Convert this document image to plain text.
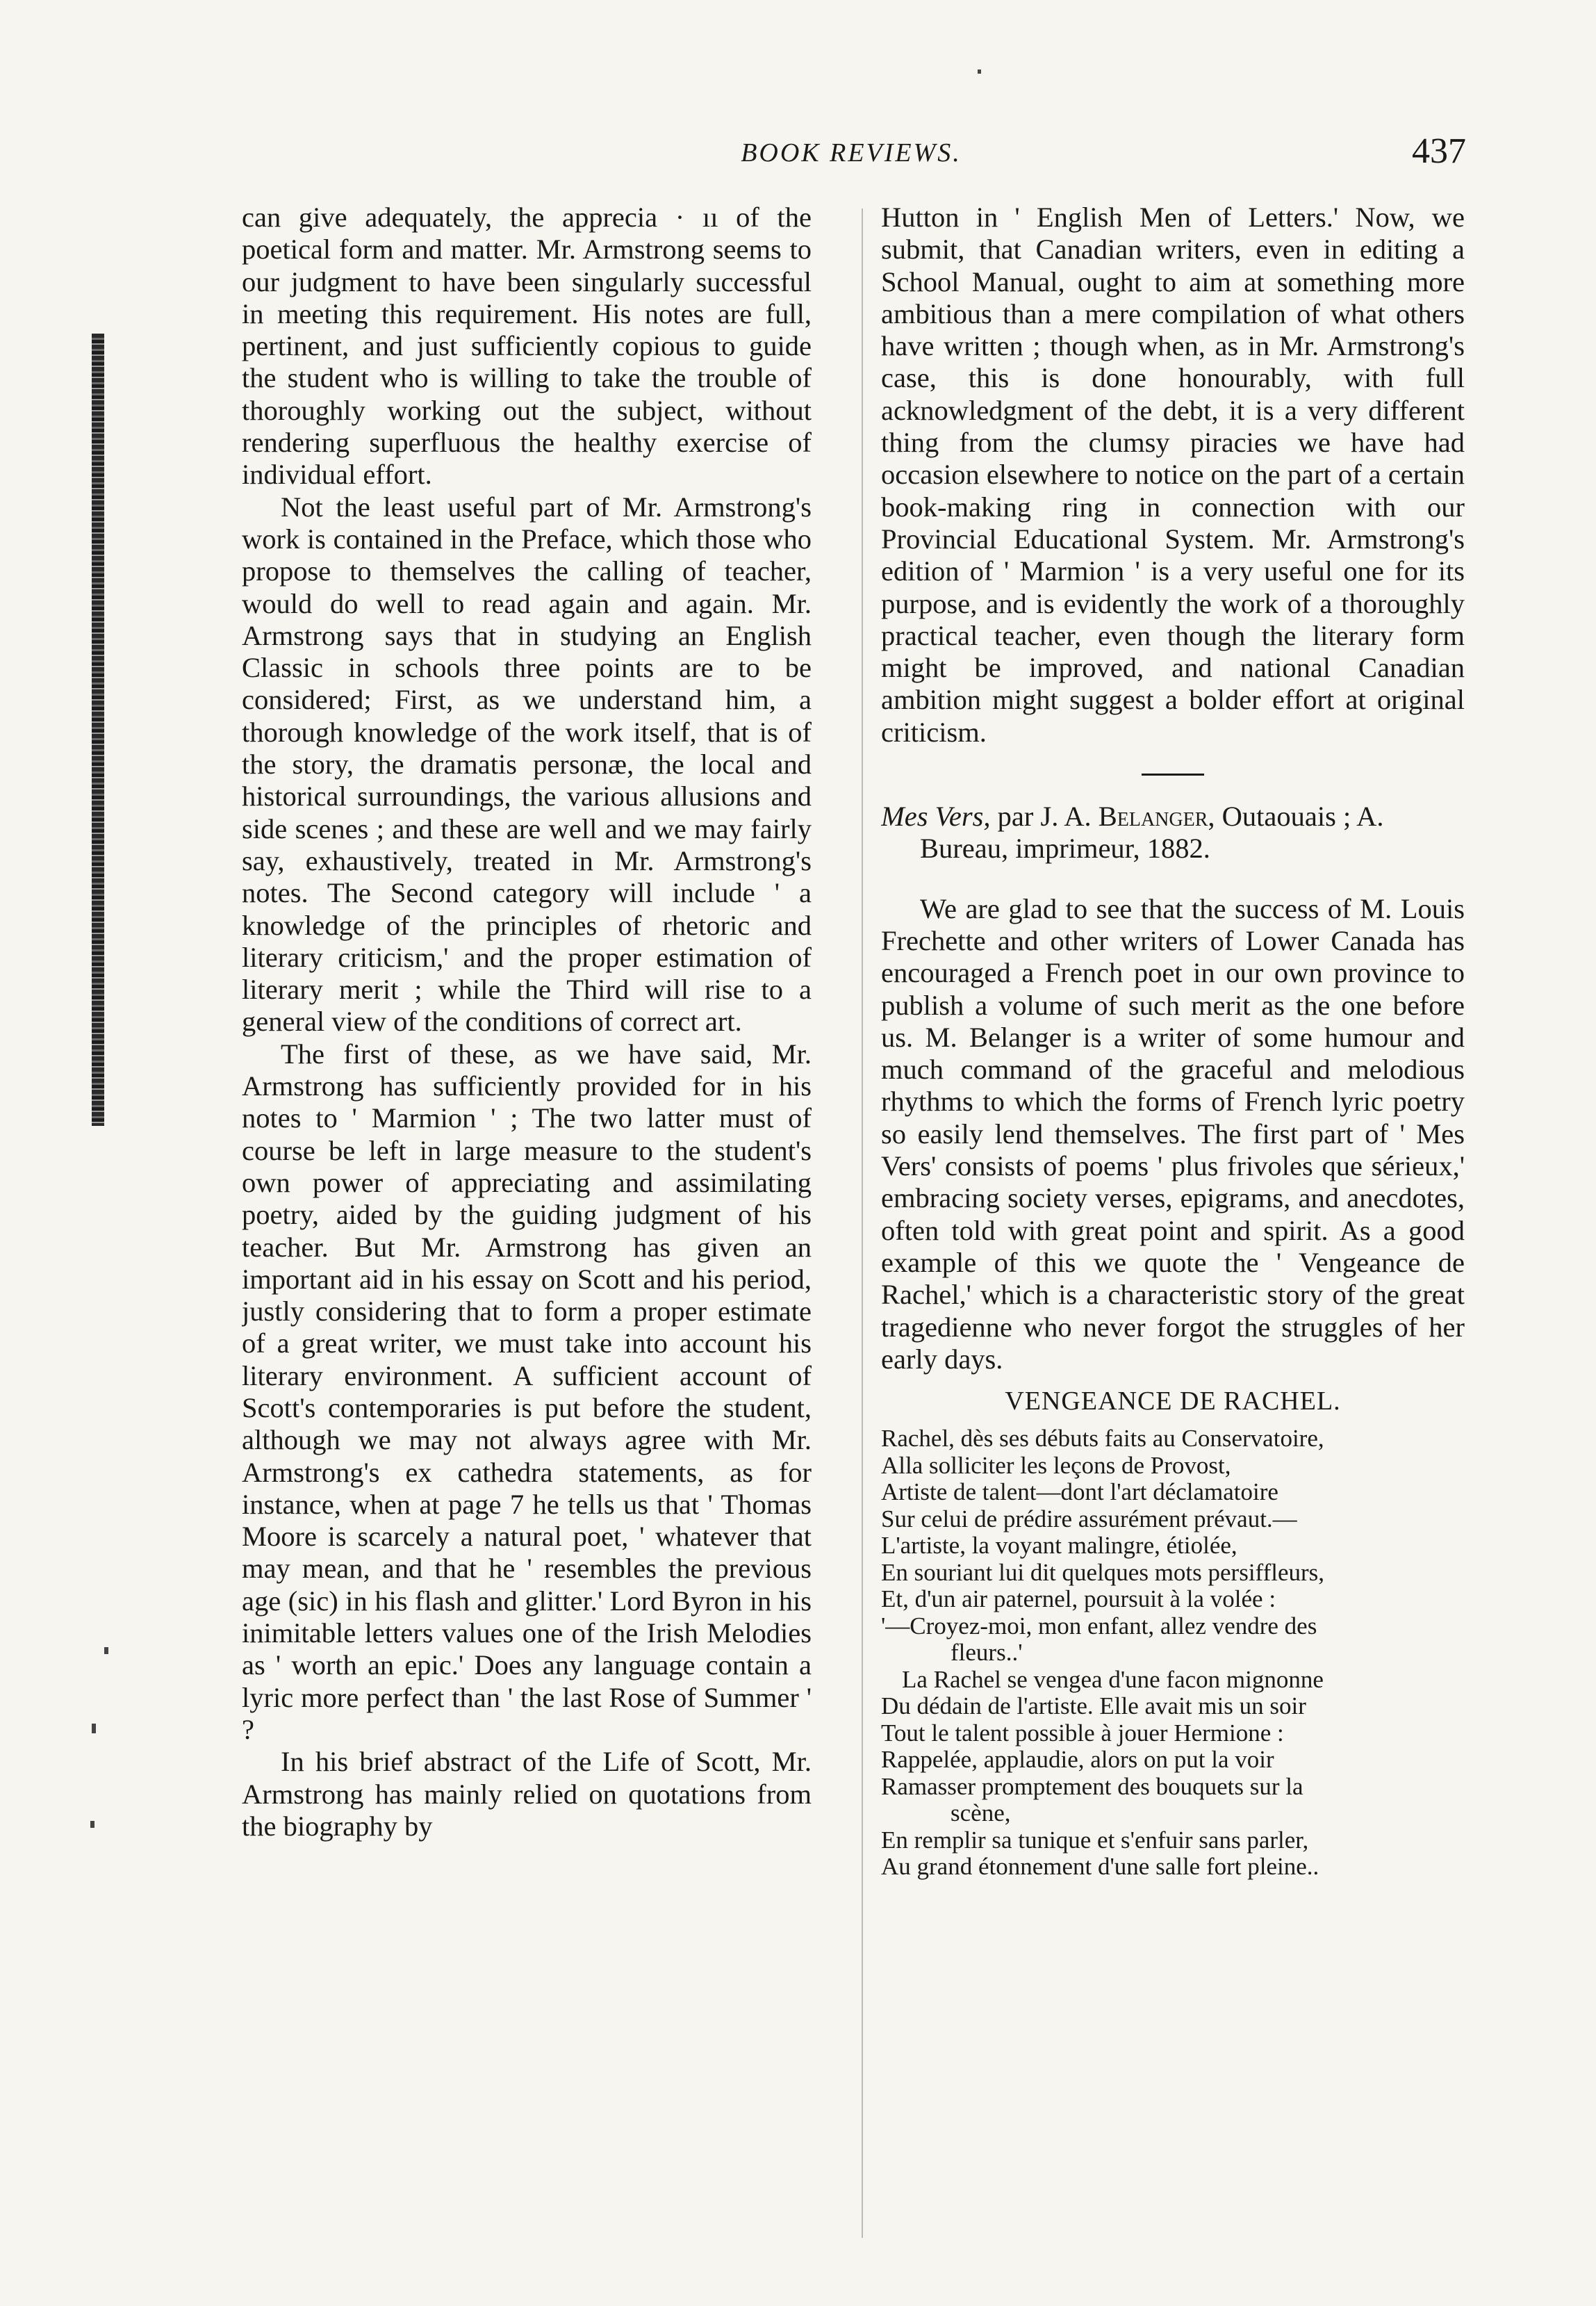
BOOK REVIEWS.	437

can give adequately, the apprecia · ıı of the poetical form and matter. Mr. Armstrong seems to our judgment to have been singularly successful in meeting this requirement. His notes are full, pertinent, and just sufficiently copious to guide the student who is willing to take the trouble of thoroughly working out the subject, without rendering superfluous the healthy exercise of individual effort.

Not the least useful part of Mr. Armstrong's work is contained in the Preface, which those who propose to themselves the calling of teacher, would do well to read again and again. Mr. Armstrong says that in studying an English Classic in schools three points are to be considered; First, as we understand him, a thorough knowledge of the work itself, that is of the story, the dramatis personæ, the local and historical surroundings, the various allusions and side scenes ; and these are well and we may fairly say, exhaustively, treated in Mr. Armstrong's notes. The Second category will include ' a knowledge of the principles of rhetoric and literary criticism,' and the proper estimation of literary merit ; while the Third will rise to a general view of the conditions of correct art.

The first of these, as we have said, Mr. Armstrong has sufficiently provided for in his notes to ' Marmion ' ; The two latter must of course be left in large measure to the student's own power of appreciating and assimilating poetry, aided by the guiding judgment of his teacher. But Mr. Armstrong has given an important aid in his essay on Scott and his period, justly considering that to form a proper estimate of a great writer, we must take into account his literary environment. A sufficient account of Scott's contemporaries is put before the student, although we may not always agree with Mr. Armstrong's ex cathedra statements, as for instance, when at page 7 he tells us that ' Thomas Moore is scarcely a natural poet, ' whatever that may mean, and that he ' resembles the previous age (sic) in his flash and glitter.' Lord Byron in his inimitable letters values one of the Irish Melodies as ' worth an epic.' Does any language contain a lyric more perfect than ' the last Rose of Summer ' ?

In his brief abstract of the Life of Scott, Mr. Armstrong has mainly relied on quotations from the biography by

Hutton in ' English Men of Letters.' Now, we submit, that Canadian writers, even in editing a School Manual, ought to aim at something more ambitious than a mere compilation of what others have written ; though when, as in Mr. Armstrong's case, this is done honourably, with full acknowledgment of the debt, it is a very different thing from the clumsy piracies we have had occasion elsewhere to notice on the part of a certain book-making ring in connection with our Provincial Educational System. Mr. Armstrong's edition of ' Marmion ' is a very useful one for its purpose, and is evidently the work of a thoroughly practical teacher, even though the literary form might be improved, and national Canadian ambition might suggest a bolder effort at original criticism.

Mes Vers, par J. A. Belanger, Outaouais ; A. Bureau, imprimeur, 1882.

We are glad to see that the success of M. Louis Frechette and other writers of Lower Canada has encouraged a French poet in our own province to publish a volume of such merit as the one before us. M. Belanger is a writer of some humour and much command of the graceful and melodious rhythms to which the forms of French lyric poetry so easily lend themselves. The first part of ' Mes Vers' consists of poems ' plus frivoles que sérieux,' embracing society verses, epigrams, and anecdotes, often told with great point and spirit. As a good example of this we quote the ' Vengeance de Rachel,' which is a characteristic story of the great tragedienne who never forgot the struggles of her early days.

VENGEANCE DE RACHEL.
Rachel, dès ses débuts faits au Conservatoire,
Alla solliciter les leçons de Provost,
Artiste de talent—dont l'art déclamatoire
Sur celui de prédire assurément prévaut.—
L'artiste, la voyant malingre, étiolée,
En souriant lui dit quelques mots persiffleurs,
Et, d'un air paternel, poursuit à la volée :
'—Croyez-moi, mon enfant, allez vendre des
fleurs..'
La Rachel se vengea d'une facon mignonne
Du dédain de l'artiste. Elle avait mis un soir
Tout le talent possible à jouer Hermione :
Rappelée, applaudie, alors on put la voir
Ramasser promptement des bouquets sur la
scène,
En remplir sa tunique et s'enfuir sans parler,
Au grand étonnement d'une salle fort pleine..
